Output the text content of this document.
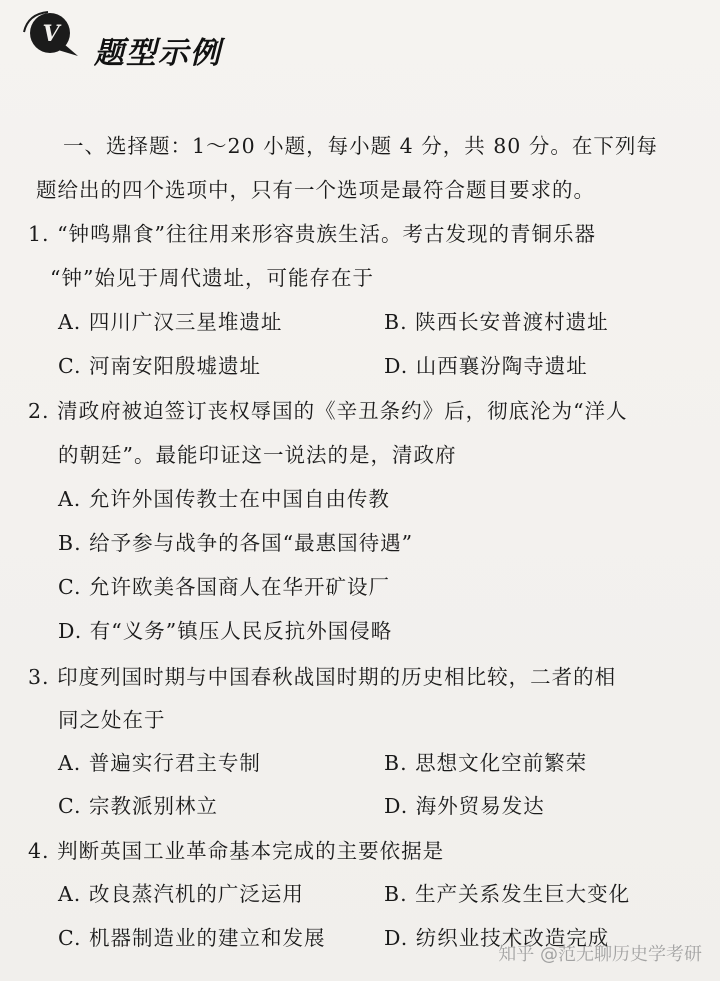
V
题型示例
一、选择题：1～20 小题，每小题 4 分，共 80 分。在下列每
题给出的四个选项中，只有一个选项是最符合题目要求的。
1. “钟鸣鼎食”往往用来形容贵族生活。考古发现的青铜乐器
“钟”始见于周代遗址，可能存在于
A. 四川广汉三星堆遗址	B. 陕西长安普渡村遗址
C. 河南安阳殷墟遗址	D. 山西襄汾陶寺遗址
2. 清政府被迫签订丧权辱国的《辛丑条约》后，彻底沦为“洋人
的朝廷”。最能印证这一说法的是，清政府
A. 允许外国传教士在中国自由传教
B. 给予参与战争的各国“最惠国待遇”
C. 允许欧美各国商人在华开矿设厂
D. 有“义务”镇压人民反抗外国侵略
3. 印度列国时期与中国春秋战国时期的历史相比较，二者的相
同之处在于
A. 普遍实行君主专制	B. 思想文化空前繁荣
C. 宗教派别林立	D. 海外贸易发达
4. 判断英国工业革命基本完成的主要依据是
A. 改良蒸汽机的广泛运用	B. 生产关系发生巨大变化
C. 机器制造业的建立和发展	D. 纺织业技术改造完成
知乎 @范无聊历史学考研
